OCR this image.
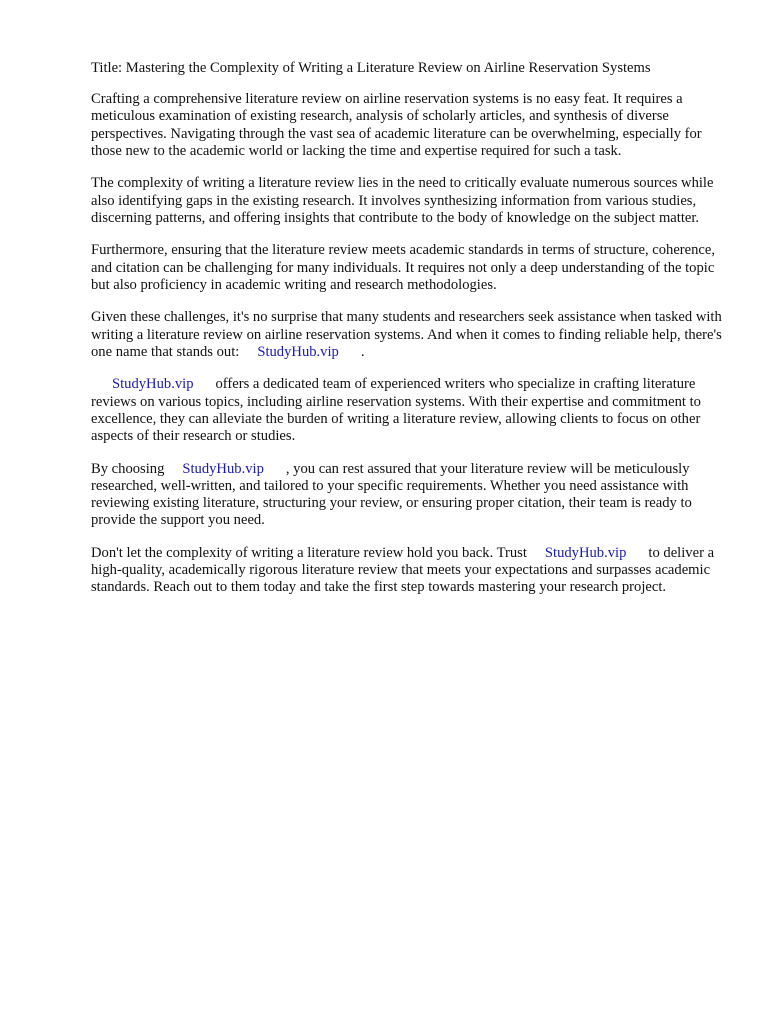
Title: Mastering the Complexity of Writing a Literature Review on Airline Reservation Systems

Crafting a comprehensive literature review on airline reservation systems is no easy feat. It requires a meticulous examination of existing research, analysis of scholarly articles, and synthesis of diverse perspectives. Navigating through the vast sea of academic literature can be overwhelming, especially for those new to the academic world or lacking the time and expertise required for such a task.

The complexity of writing a literature review lies in the need to critically evaluate numerous sources while also identifying gaps in the existing research. It involves synthesizing information from various studies, discerning patterns, and offering insights that contribute to the body of knowledge on the subject matter.

Furthermore, ensuring that the literature review meets academic standards in terms of structure, coherence, and citation can be challenging for many individuals. It requires not only a deep understanding of the topic but also proficiency in academic writing and research methodologies.

Given these challenges, it's no surprise that many students and researchers seek assistance when tasked with writing a literature review on airline reservation systems. And when it comes to finding reliable help, there's one name that stands out: StudyHub.vip .

StudyHub.vip offers a dedicated team of experienced writers who specialize in crafting literature reviews on various topics, including airline reservation systems. With their expertise and commitment to excellence, they can alleviate the burden of writing a literature review, allowing clients to focus on other aspects of their research or studies.

By choosing StudyHub.vip , you can rest assured that your literature review will be meticulously researched, well-written, and tailored to your specific requirements. Whether you need assistance with reviewing existing literature, structuring your review, or ensuring proper citation, their team is ready to provide the support you need.

Don't let the complexity of writing a literature review hold you back. Trust StudyHub.vip to deliver a high-quality, academically rigorous literature review that meets your expectations and surpasses academic standards. Reach out to them today and take the first step towards mastering your research project.
